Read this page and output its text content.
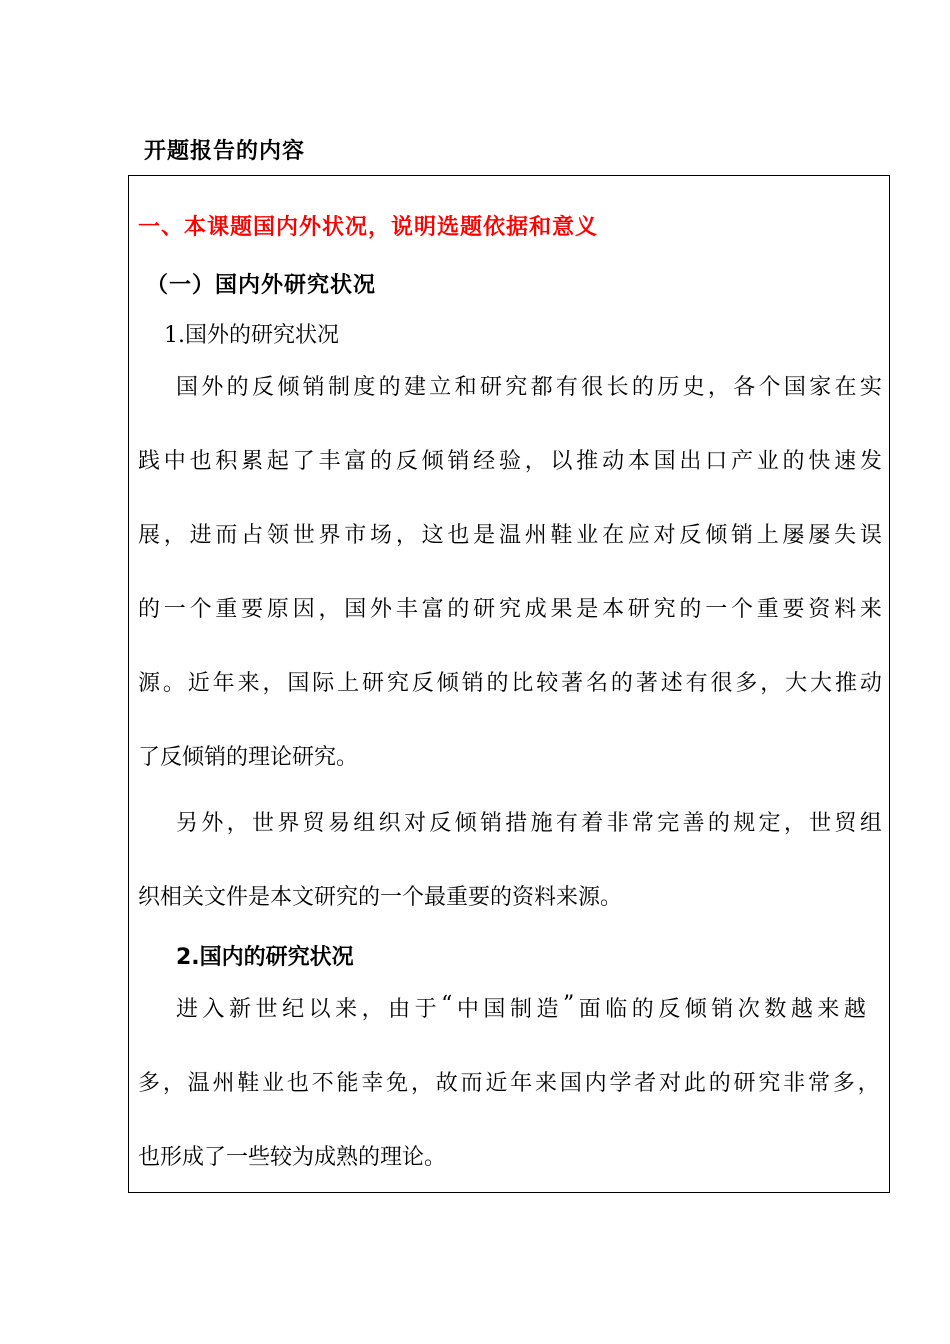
开题报告的内容
一、本课题国内外状况，说明选题依据和意义
（一）国内外研究状况
1.国外的研究状况
国 外 的 反 倾 销 制 度 的 建 立 和 研 究 都 有 很 长 的 历 史 ， 各 个 国 家 在 实
践 中 也 积 累 起 了 丰 富 的 反 倾 销 经 验 ， 以 推 动 本 国 出 口 产 业 的 快 速 发
展 ， 进 而 占 领 世 界 市 场 ， 这 也 是 温 州 鞋 业 在 应 对 反 倾 销 上 屡 屡 失 误
的 一 个 重 要 原 因 ， 国 外 丰 富 的 研 究 成 果 是 本 研 究 的 一 个 重 要 资 料 来
源 。 近 年 来 ， 国 际 上 研 究 反 倾 销 的 比 较 著 名 的 著 述 有 很 多 ， 大 大 推 动
了反倾销的理论研究。
另 外 ， 世 界 贸 易 组 织 对 反 倾 销 措 施 有 着 非 常 完 善 的 规 定 ， 世 贸 组
织相关文件是本文研究的一个最重要的资料来源。
2.国内的研究状况
进 入 新 世 纪 以 来 ， 由 于 “ 中 国 制 造 ” 面 临 的 反 倾 销 次 数 越 来 越
多 ， 温 州 鞋 业 也 不 能 幸 免 ， 故 而 近 年 来 国 内 学 者 对 此 的 研 究 非 常 多 ，
也形成了一些较为成熟的理论。
